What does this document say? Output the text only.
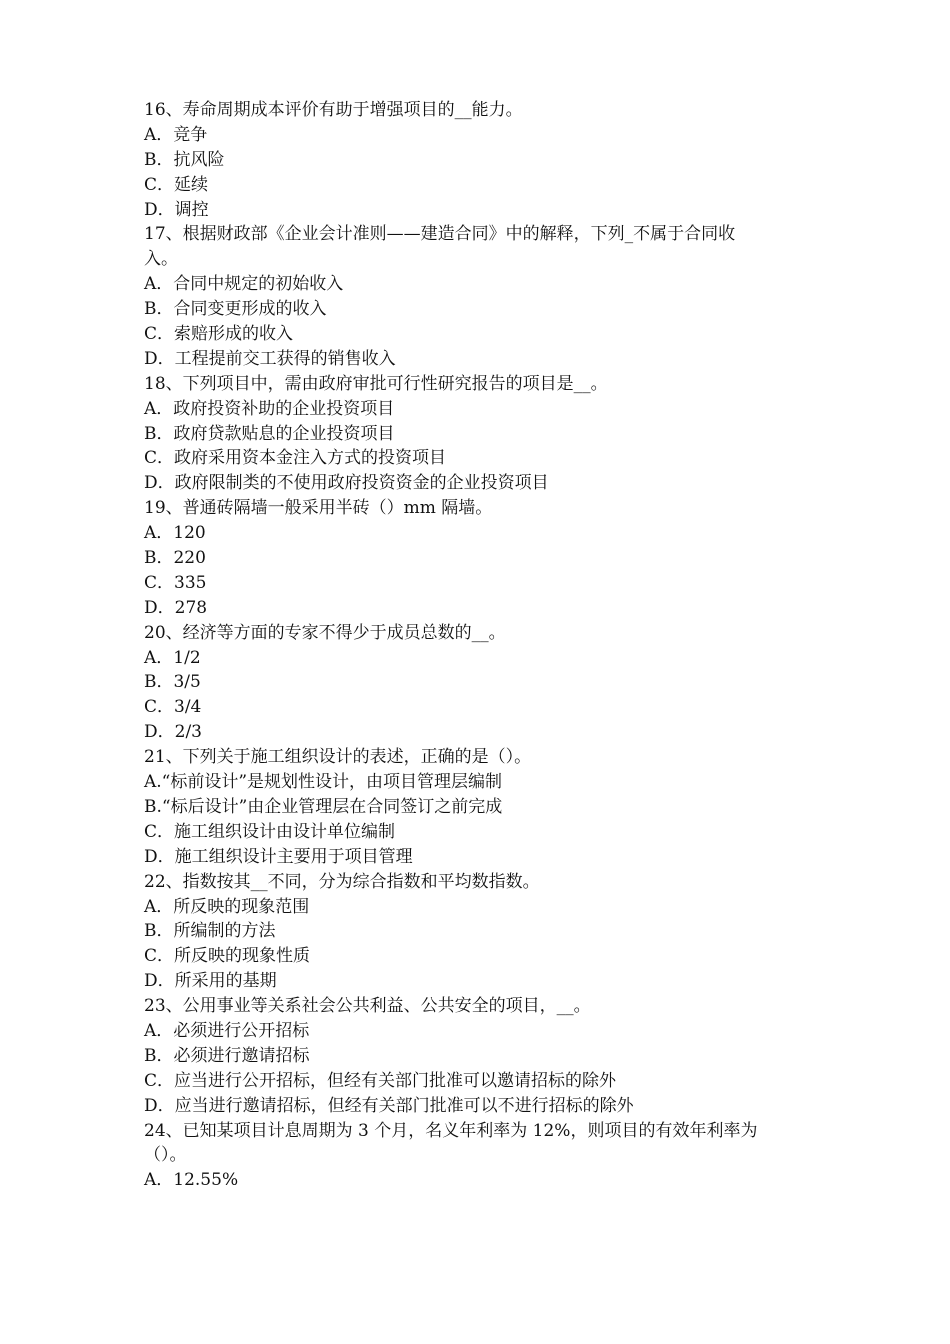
16、寿命周期成本评价有助于增强项目的__能力。
A．竞争
B．抗风险
C．延续
D．调控
17、根据财政部《企业会计准则——建造合同》中的解释，下列_不属于合同收
入。
A．合同中规定的初始收入
B．合同变更形成的收入
C．索赔形成的收入
D．工程提前交工获得的销售收入
18、下列项目中，需由政府审批可行性研究报告的项目是__。
A．政府投资补助的企业投资项目
B．政府贷款贴息的企业投资项目
C．政府采用资本金注入方式的投资项目
D．政府限制类的不使用政府投资资金的企业投资项目
19、普通砖隔墙一般采用半砖（）mm 隔墙。
A．120
B．220
C．335
D．278
20、经济等方面的专家不得少于成员总数的__。
A．1/2
B．3/5
C．3/4
D．2/3
21、下列关于施工组织设计的表述，正确的是（）。
A.“标前设计”是规划性设计，由项目管理层编制
B.“标后设计”由企业管理层在合同签订之前完成
C．施工组织设计由设计单位编制
D．施工组织设计主要用于项目管理
22、指数按其__不同，分为综合指数和平均数指数。
A．所反映的现象范围
B．所编制的方法
C．所反映的现象性质
D．所采用的基期
23、公用事业等关系社会公共利益、公共安全的项目，__。
A．必须进行公开招标
B．必须进行邀请招标
C．应当进行公开招标，但经有关部门批准可以邀请招标的除外
D．应当进行邀请招标，但经有关部门批准可以不进行招标的除外
24、已知某项目计息周期为 3 个月，名义年利率为 12%，则项目的有效年利率为
（）。
A．12.55%
